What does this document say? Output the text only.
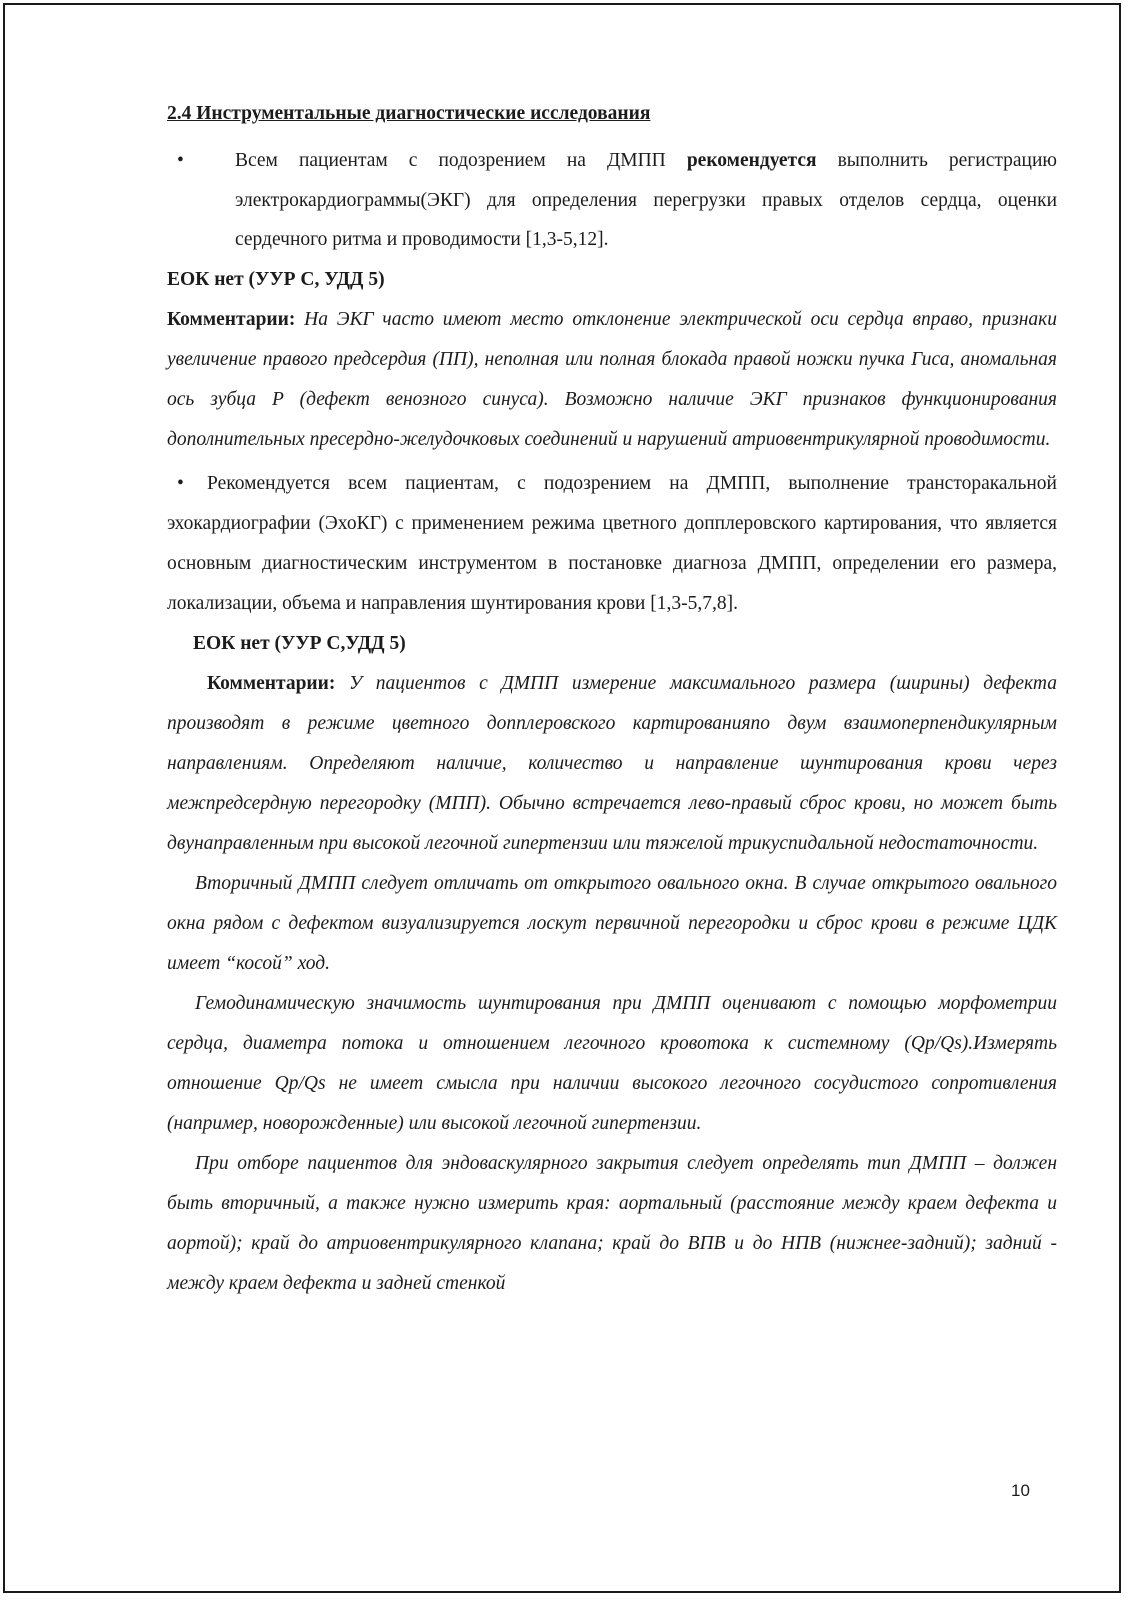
2.4 Инструментальные диагностические исследования
•	Всем пациентам с подозрением на ДМПП рекомендуется выполнить регистрацию электрокардиограммы(ЭКГ) для определения перегрузки правых отделов сердца, оценки сердечного ритма и проводимости [1,3-5,12].

ЕОК нет (УУР С, УДД 5)

Комментарии: На ЭКГ часто имеют место отклонение электрической оси сердца вправо, признаки увеличение правого предсердия (ПП), неполная или полная блокада правой ножки пучка Гиса, аномальная ось зубца P (дефект венозного синуса). Возможно наличие ЭКГ признаков функционирования дополнительных пресердно-желудочковых соединений и нарушений атриовентрикулярной проводимости.

• Рекомендуется всем пациентам, с подозрением на ДМПП, выполнение трансторакальной эхокардиографии (ЭхоКГ) с применением режима цветного допплеровского картирования, что является основным диагностическим инструментом в постановке диагноза ДМПП, определении его размера, локализации, объема и направления шунтирования крови [1,3-5,7,8].

ЕОК нет (УУР С,УДД 5)

Комментарии: У пациентов с ДМПП измерение максимального размера (ширины) дефекта производят в режиме цветного допплеровского картированияпо двум взаимоперпендикулярным направлениям. Определяют наличие, количество и направление шунтирования крови через межпредсердную перегородку (МПП). Обычно встречается лево-правый сброс крови, но может быть двунаправленным при высокой легочной гипертензии или тяжелой трикуспидальной недостаточности.

Вторичный ДМПП следует отличать от открытого овального окна. В случае открытого овального окна рядом с дефектом визуализируется лоскут первичной перегородки и сброс крови в режиме ЦДК имеет “косой” ход.

Гемодинамическую значимость шунтирования при ДМПП оценивают с помощью морфометрии сердца, диаметра потока и отношением легочного кровотока к системному (Qp/Qs).Измерять отношение Qp/Qs не имеет смысла при наличии высокого легочного сосудистого сопротивления (например, новорожденные) или высокой легочной гипертензии.

При отборе пациентов для эндоваскулярного закрытия следует определять тип ДМПП – должен быть вторичный, а также нужно измерить края: аортальный (расстояние между краем дефекта и аортой); край до атриовентрикулярного клапана; край до ВПВ и до НПВ (нижнее-задний); задний - между краем дефекта и задней стенкой

10
